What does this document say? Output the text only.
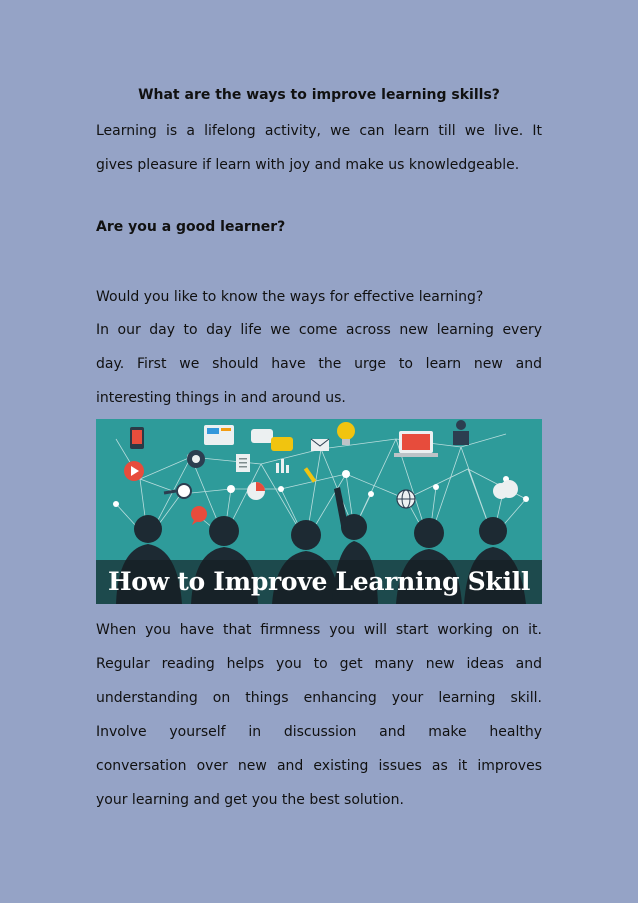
What are the ways to improve learning skills?

Learning is a lifelong activity, we can learn till we live. It
gives pleasure if learn with joy and make us knowledgeable.

Are you a good learner?
Would you like to know the ways for effective learning?

In our day to day life we come across new learning every
day. First we should have the urge to learn new and
interesting things in and around us.

How to Improve Learning Skill

When you have that firmness you will start working on it.
Regular reading helps you to get many new ideas and
understanding on things enhancing your learning skill.
Involve yourself in discussion and make healthy
conversation over new and existing issues as it improves
your learning and get you the best solution.
